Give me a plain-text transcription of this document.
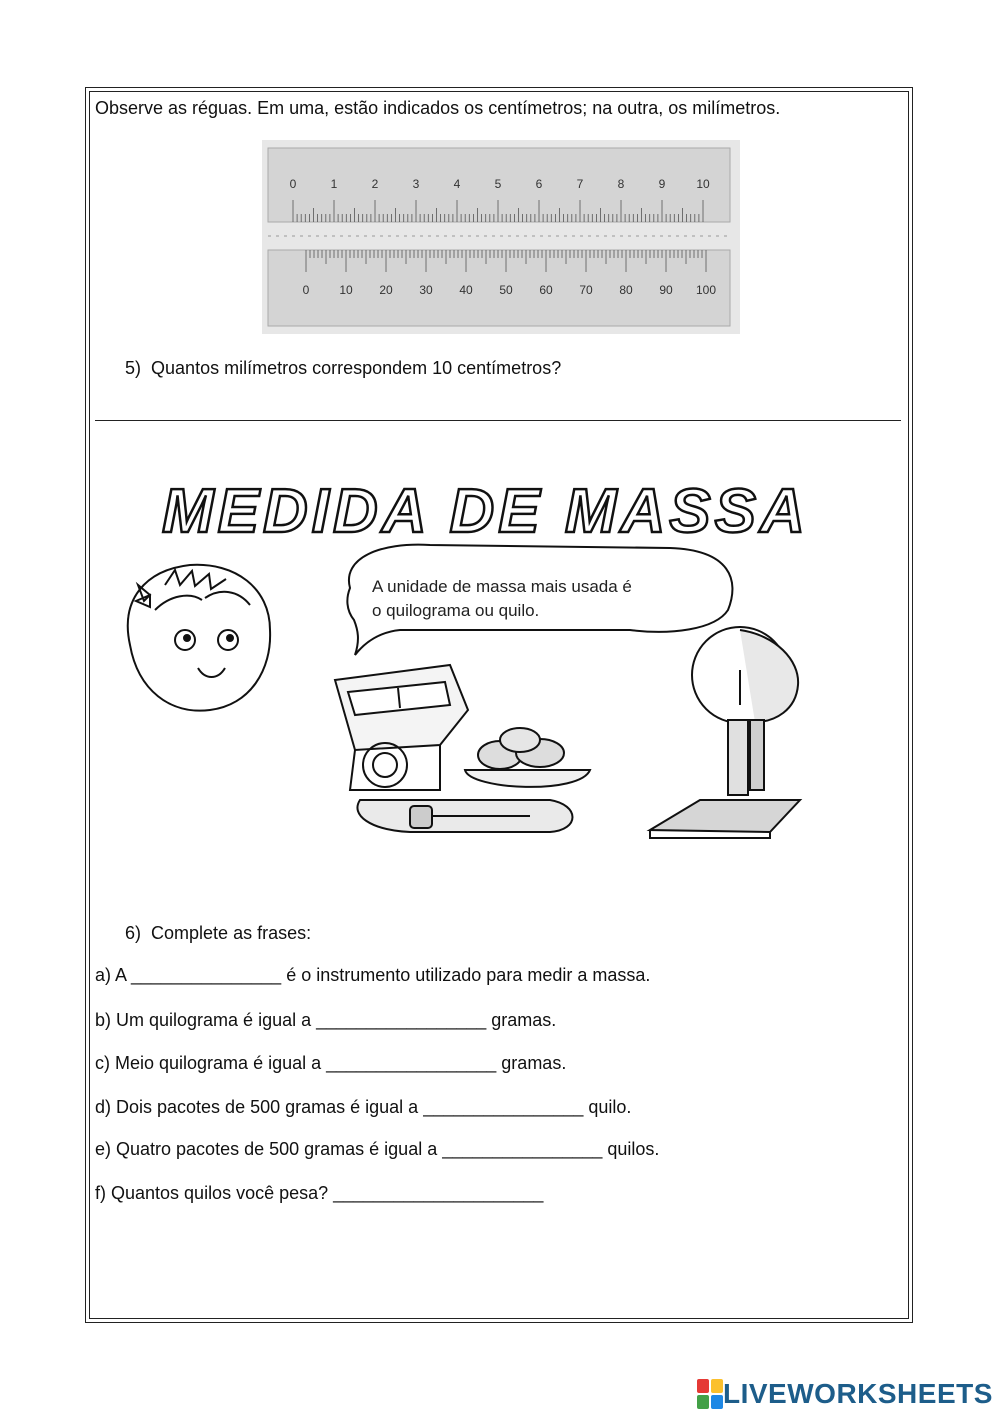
Observe as réguas. Em uma, estão indicados os centímetros; na outra, os milímetros.
0	1	2	3	4	5	6	7	8	9	10
0 10 20 30 40 50 60 70 80 90 100
5) Quantos milímetros correspondem 10 centímetros?
MEDIDA DE MASSA
A unidade de massa mais usada é
o quilograma ou quilo.
6) Complete as frases:
a) A _______________ é o instrumento utilizado para medir a massa.
b) Um quilograma é igual a _________________ gramas.
c) Meio quilograma é igual a _________________ gramas.
d) Dois pacotes de 500 gramas é igual a ________________ quilo.
e) Quatro pacotes de 500 gramas é igual a ________________ quilos.
f) Quantos quilos você pesa? _____________________
LIVEWORKSHEETS
